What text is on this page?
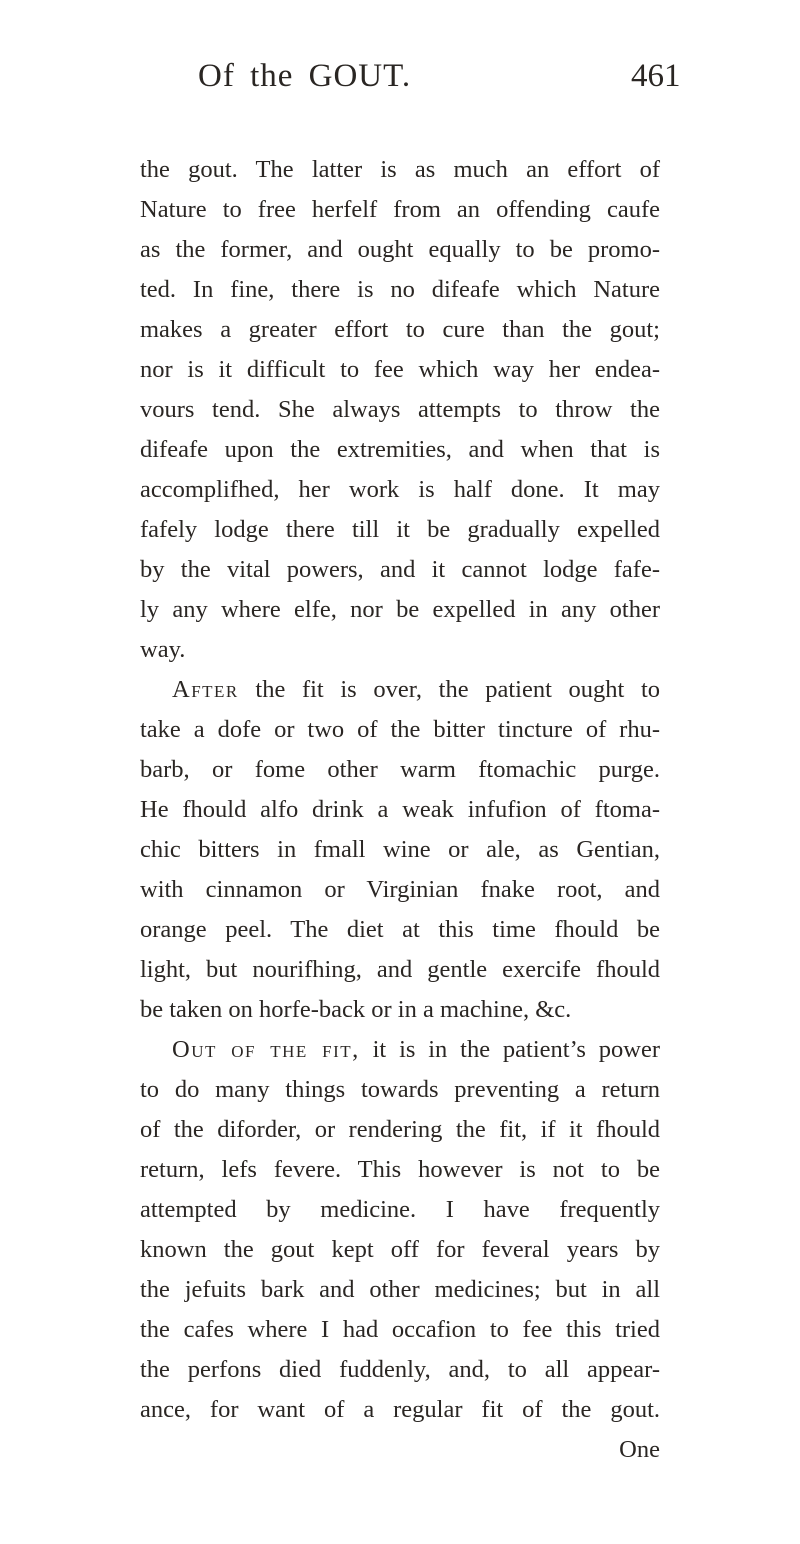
Of the GOUT.	461
the gout. The latter is as much an effort of
Nature to free herfelf from an offending caufe
as the former, and ought equally to be promo-
ted. In fine, there is no difeafe which Nature
makes a greater effort to cure than the gout;
nor is it difficult to fee which way her endea-
vours tend. She always attempts to throw the
difeafe upon the extremities, and when that is
accomplifhed, her work is half done. It may
fafely lodge there till it be gradually expelled
by the vital powers, and it cannot lodge fafe-
ly any where elfe, nor be expelled in any other
way.
After the fit is over, the patient ought to
take a dofe or two of the bitter tincture of rhu-
barb, or fome other warm ftomachic purge.
He fhould alfo drink a weak infufion of ftoma-
chic bitters in fmall wine or ale, as Gentian,
with cinnamon or Virginian fnake root, and
orange peel. The diet at this time fhould be
light, but nourifhing, and gentle exercife fhould
be taken on horfe-back or in a machine, &c.
Out of the fit, it is in the patient’s power
to do many things towards preventing a return
of the diforder, or rendering the fit, if it fhould
return, lefs fevere. This however is not to be
attempted by medicine. I have frequently
known the gout kept off for feveral years by
the jefuits bark and other medicines; but in all
the cafes where I had occafion to fee this tried
the perfons died fuddenly, and, to all appear-
ance, for want of a regular fit of the gout.
One
